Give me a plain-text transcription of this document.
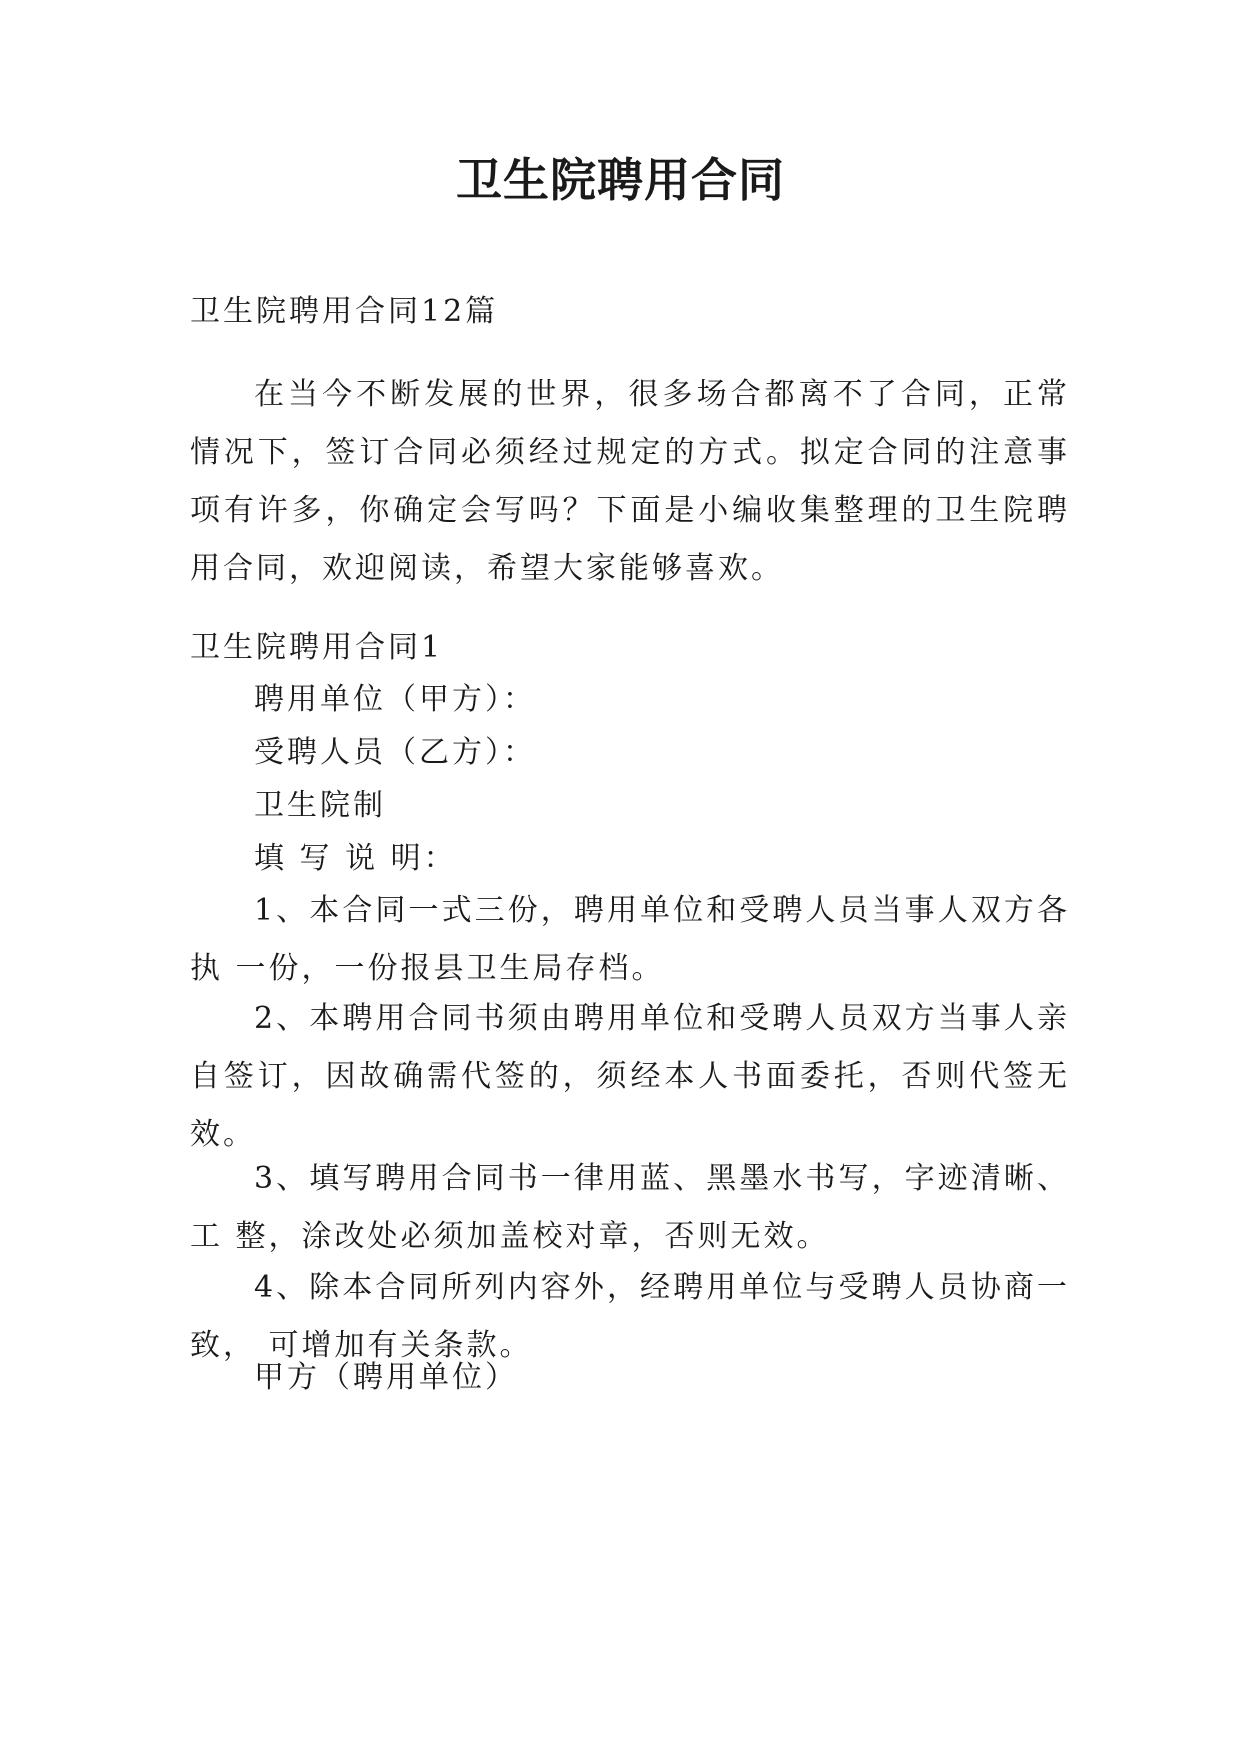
卫生院聘用合同
卫生院聘用合同12篇

在当今不断发展的世界，很多场合都离不了合同，正常情况下，签订合同必须经过规定的方式。拟定合同的注意事项有许多，你确定会写吗？下面是小编收集整理的卫生院聘用合同，欢迎阅读，希望大家能够喜欢。

卫生院聘用合同1
聘用单位（甲方）：
受聘人员（乙方）：
卫生院制
填 写 说 明：

1、本合同一式三份，聘用单位和受聘人员当事人双方各执 一份，一份报县卫生局存档。

2、本聘用合同书须由聘用单位和受聘人员双方当事人亲自签订，因故确需代签的，须经本人书面委托，否则代签无效。

3、填写聘用合同书一律用蓝、黑墨水书写，字迹清晰、工 整，涂改处必须加盖校对章，否则无效。

4、除本合同所列内容外，经聘用单位与受聘人员协商一致， 可增加有关条款。

甲方（聘用单位）
